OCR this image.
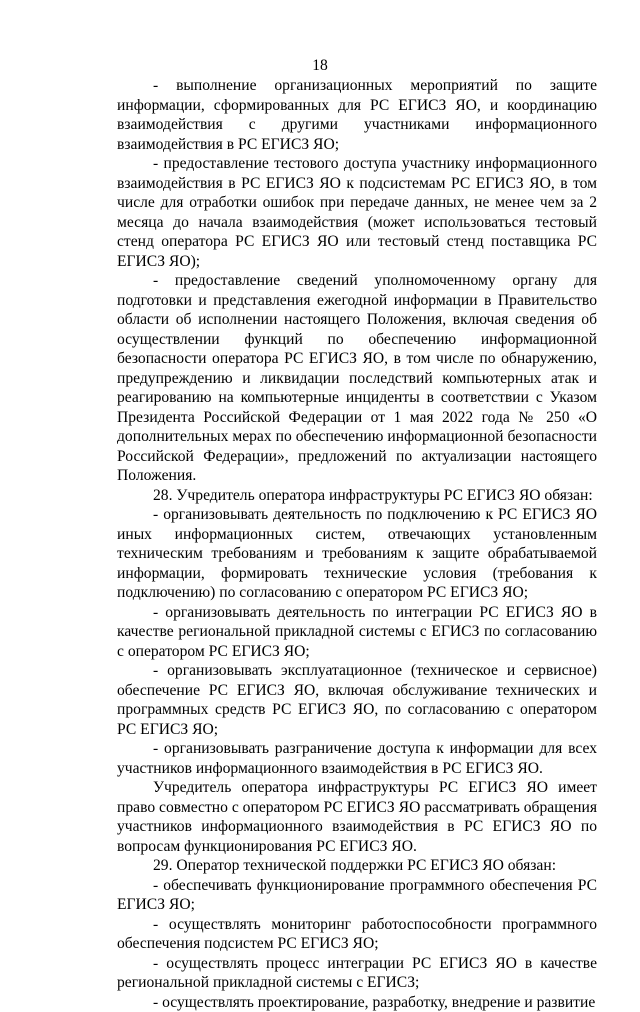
18

- выполнение организационных мероприятий по защите информации, сформированных для РС ЕГИСЗ ЯО, и координацию взаимодействия с другими участниками информационного взаимодействия в РС ЕГИСЗ ЯО;

- предоставление тестового доступа участнику информационного взаимодействия в РС ЕГИСЗ ЯО к подсистемам РС ЕГИСЗ ЯО, в том числе для отработки ошибок при передаче данных, не менее чем за 2 месяца до начала взаимодействия (может использоваться тестовый стенд оператора РС ЕГИСЗ ЯО или тестовый стенд поставщика РС ЕГИСЗ ЯО);

- предоставление сведений уполномоченному органу для подготовки и представления ежегодной информации в Правительство области об исполнении настоящего Положения, включая сведения об осуществлении функций по обеспечению информационной безопасности оператора РС ЕГИСЗ ЯО, в том числе по обнаружению, предупреждению и ликвидации последствий компьютерных атак и реагированию на компьютерные инциденты в соответствии с Указом Президента Российской Федерации от 1 мая 2022 года № 250 «О дополнительных мерах по обеспечению информационной безопасности Российской Федерации», предложений по актуализации настоящего Положения.

28. Учредитель оператора инфраструктуры РС ЕГИСЗ ЯО обязан:

- организовывать деятельность по подключению к РС ЕГИСЗ ЯО иных информационных систем, отвечающих установленным техническим требованиям и требованиям к защите обрабатываемой информации, формировать технические условия (требования к подключению) по согласованию с оператором РС ЕГИСЗ ЯО;

- организовывать деятельность по интеграции РС ЕГИСЗ ЯО в качестве региональной прикладной системы с ЕГИСЗ по согласованию с оператором РС ЕГИСЗ ЯО;

- организовывать эксплуатационное (техническое и сервисное) обеспечение РС ЕГИСЗ ЯО, включая обслуживание технических и программных средств РС ЕГИСЗ ЯО, по согласованию с оператором РС ЕГИСЗ ЯО;

- организовывать разграничение доступа к информации для всех участников информационного взаимодействия в РС ЕГИСЗ ЯО.

Учредитель оператора инфраструктуры РС ЕГИСЗ ЯО имеет право совместно с оператором РС ЕГИСЗ ЯО рассматривать обращения участников информационного взаимодействия в РС ЕГИСЗ ЯО по вопросам функционирования РС ЕГИСЗ ЯО.

29. Оператор технической поддержки РС ЕГИСЗ ЯО обязан:

- обеспечивать функционирование программного обеспечения РС ЕГИСЗ ЯО;

- осуществлять мониторинг работоспособности программного обеспечения подсистем РС ЕГИСЗ ЯО;

- осуществлять процесс интеграции РС ЕГИСЗ ЯО в качестве региональной прикладной системы с ЕГИСЗ;

- осуществлять проектирование, разработку, внедрение и развитие
